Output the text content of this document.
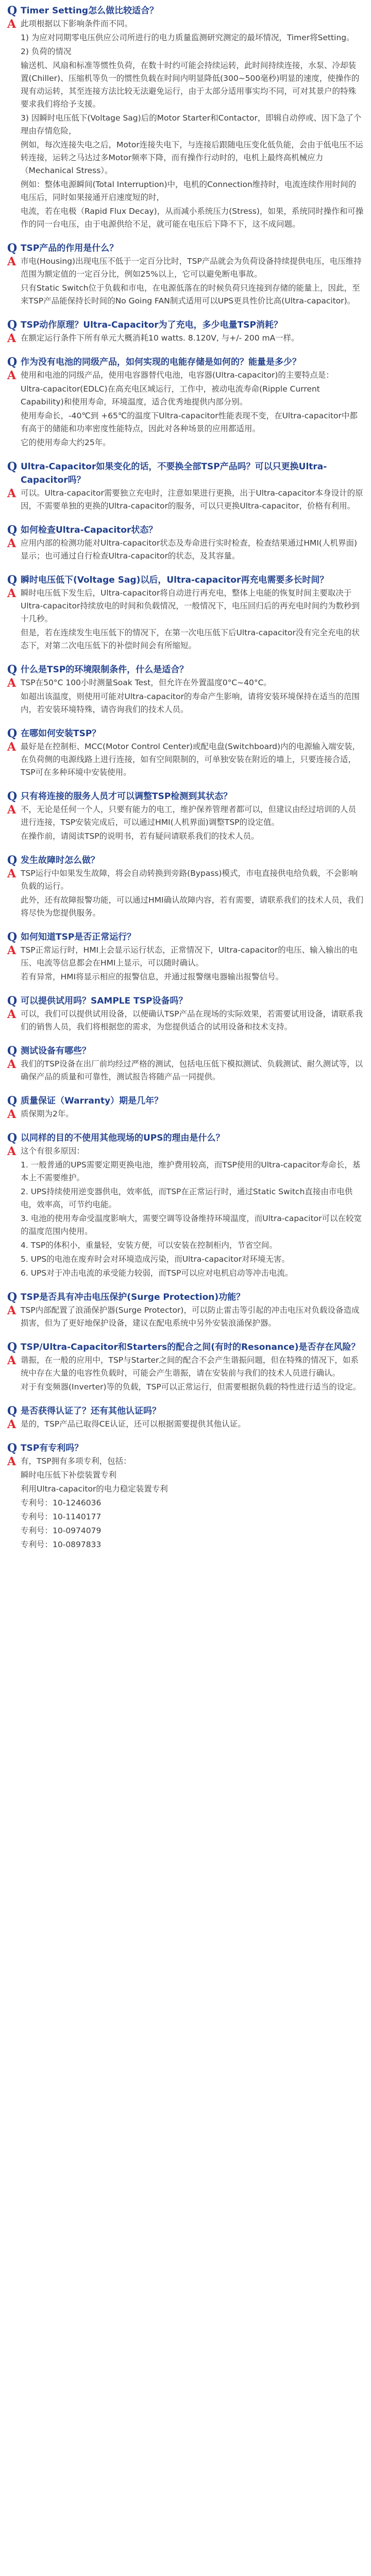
Q Timer Setting怎么做比较适合？
A 此项根据以下影响条件而不同。
1) 为应对同期零电压供应公司所进行的电力质量监测研究测定的最坏情况，Timer将Setting。
2) 负荷的情况
输送机、风扇和标准等惯性负荷，在数十时约可能会持续运转，此时间持续连接，水泵、冷却装置(Chiller)、压缩机等负一的惯性负载在时间内明显降低(300~500毫秒)明显的速度，使操作的现有动运转，其至连接方法比较无法避免运行，由于太部分适用事实均不同，可对其景户的特殊要求我们将给予支援。
3) 因瞬时电压低下(Voltage Sag)后的Motor Starter和Contactor，即辑自动停或、因下急了个理由存情危险，
例如，每次连接失电之后，Motor连接失电下，与连接后跟随电压变化低负能，会由于低电压不运转连接，运转之马达过多Motor频率下降，而有操作行动时的，电机上最终高机械应力（Mechanical Stress）。
例如：整体电源瞬间(Total Interruption)中，电机的Connection维持时，电流连续作用时间的电压后，同时如果接通开启速度短的时，
电流，若在电极（Rapid Flux Decay)，从而减小系统压力(Stress)，如果，系统同时操作和可操作的同一台电压，由于电源供给不足，就可能在电压后下降不下，这不成问题。
Q TSP产品的作用是什么？
A 市电(Housing)出现电压不低于一定百分比时，TSP产品就会为负荷设备持续提供电压，电压维持范围为额定值的一定百分比，例如25%以上，它可以避免断电事故。
只有Static Switch位于负载和市电，在电源低落在的时候负荷只连接到存储的能量上，因此，至来TSP产品能保持长时间的No Going FAN制式适用可以UPS更具性价比高(Ultra-capacitor)。
Q TSP动作原理？Ultra-Capacitor为了充电，多少电量TSP消耗？
A 在额定运行条件下所有单元大概消耗10 watts. 8.120V, 与+/- 200 mA一样。
Q 作为没有电池的同级产品，如何实现的电能存储是如何的？能量是多少？
A 使用和电池的同级产品，使用电容器替代电池，电容器(Ultra-capacitor)的主要特点是：
Ultra-capacitor(EDLC)在高充电区域运行，工作中，被动电流寿命(Ripple Current Capability)和使用寿命，环境温度，适合优秀地提供内部分别。
使用寿命长，-40℃到 +65℃的温度下Ultra-capacitor性能表现不变，在Ultra-capacitor中都有高于的储能和功率密度性能特点，因此对各种场景的应用都适用。
它的使用寿命大约25年。
Q Ultra-Capacitor如果变化的话，不要换全部TSP产品吗？可以只更换Ultra-Capacitor吗？
A 可以。Ultra-capacitor需要独立充电时，注意如果进行更换，出于Ultra-capacitor本身设计的原因，不需要单独的更换的Ultra-capacitor的服务，可以只更换Ultra-capacitor，价格有利用。
Q 如何检查Ultra-Capacitor状态？
A 应用内部的检测功能对Ultra-capacitor状态及寿命进行实时检查，检查结果通过HMI(人机界面)显示；也可通过自行检查Ultra-capacitor的状态，及其容量。
Q 瞬时电压低下(Voltage Sag)以后，Ultra-capacitor再充电需要多长时间？
A 瞬时电压低下发生后，Ultra-capacitor将自动进行再充电，整体上电能的恢复时间主要取决于Ultra-capacitor持续放电的时间和负载情况，一般情况下，电压回归后的再充电时间约为数秒到十几秒。
但是，若在连续发生电压低下的情况下，在第一次电压低下后Ultra-capacitor没有完全充电的状态下，对第二次电压低下的补偿时间会有所缩短。
Q 什么是TSP的环境限制条件，什么是适合？
A TSP在50°C 100小时测量Soak Test，但允许在外置温度0°C~40°C。
如超出该温度，则使用可能对Ultra-capacitor的寿命产生影响，请将安装环境保持在适当的范围内，若安装环境特殊，请咨询我们的技术人员。
Q 在哪如何安装TSP？
A 最好是在控制柜、MCC(Motor Control Center)或配电盘(Switchboard)内的电源输入端安装，在负荷侧的电源线路上进行连接，如有空间限制的，可单独安装在附近的墙上，只要连接合适，TSP可在多种环境中安装使用。
Q 只有将连接的服务人员才可以调整TSP检测到其状态？
A 不，无论是任何一个人，只要有能力的电工，维护保养管理者都可以，但建议由经过培训的人员进行连接，TSP安装完成后，可以通过HMI(人机界面)调整TSP的设定值。
在操作前，请阅读TSP的说明书，若有疑问请联系我们的技术人员。
Q 发生故障时怎么做？
A TSP运行中如果发生故障，将会自动转换到旁路(Bypass)模式，市电直接供电给负载，不会影响负载的运行。
此外，还有故障报警功能，可以通过HMI确认故障内容，若有需要，请联系我们的技术人员，我们将尽快为您提供服务。
Q 如何知道TSP是否正常运行？
A TSP正常运行时，HMI上会显示运行状态，正常情况下，Ultra-capacitor的电压、输入输出的电压、电流等信息都会在HMI上显示，可以随时确认。
若有异常，HMI将显示相应的报警信息，并通过报警继电器输出报警信号。
Q 可以提供试用吗？SAMPLE TSP设备吗？
A 可以，我们可以提供试用设备，以便确认TSP产品在现场的实际效果，若需要试用设备，请联系我们的销售人员，我们将根据您的需求，为您提供适合的试用设备和技术支持。
Q 测试设备有哪些？
A 我们的TSP设备在出厂前均经过严格的测试，包括电压低下模拟测试、负载测试、耐久测试等，以确保产品的质量和可靠性，测试报告将随产品一同提供。
Q 质量保证（Warranty）期是几年？
A 质保期为2年。
Q 以同样的目的不使用其他现场的UPS的理由是什么？
A 这个有很多原因：
1. 一般普通的UPS需要定期更换电池，维护费用较高，而TSP使用的Ultra-capacitor寿命长，基本上不需要维护。
2. UPS持续使用逆变器供电，效率低，而TSP在正常运行时，通过Static Switch直接由市电供电，效率高，可节约电能。
3. 电池的使用寿命受温度影响大，需要空调等设备维持环境温度，而Ultra-capacitor可以在较宽的温度范围内使用。
4. TSP的体积小，重量轻，安装方便，可以安装在控制柜内，节省空间。
5. UPS的电池在废弃时会对环境造成污染，而Ultra-capacitor对环境无害。
6. UPS对于冲击电流的承受能力较弱，而TSP可以应对电机启动等冲击电流。
Q TSP是否具有冲击电压保护(Surge Protection)功能？
A TSP内部配置了浪涌保护器(Surge Protector)，可以防止雷击等引起的冲击电压对负载设备造成损害，但为了更好地保护设备，建议在配电系统中另外安装浪涌保护器。
Q TSP/Ultra-Capacitor和Starters的配合之间(有时的Resonance)是否存在风险？
A 谐振，在一般的应用中，TSP与Starter之间的配合不会产生谐振问题，但在特殊的情况下，如系统中存在大量的电容性负载时，可能会产生谐振，请在安装前与我们的技术人员进行确认。
对于有变频器(Inverter)等的负载，TSP可以正常运行，但需要根据负载的特性进行适当的设定。
Q 是否获得认证了？还有其他认证吗？
A 是的，TSP产品已取得CE认证，还可以根据需要提供其他认证。
Q TSP有专利吗？
A 有，TSP拥有多项专利，包括：
瞬时电压低下补偿装置专利
利用Ultra-capacitor的电力稳定装置专利
专利号：10-1246036
专利号：10-1140177
专利号：10-0974079
专利号：10-0897833
